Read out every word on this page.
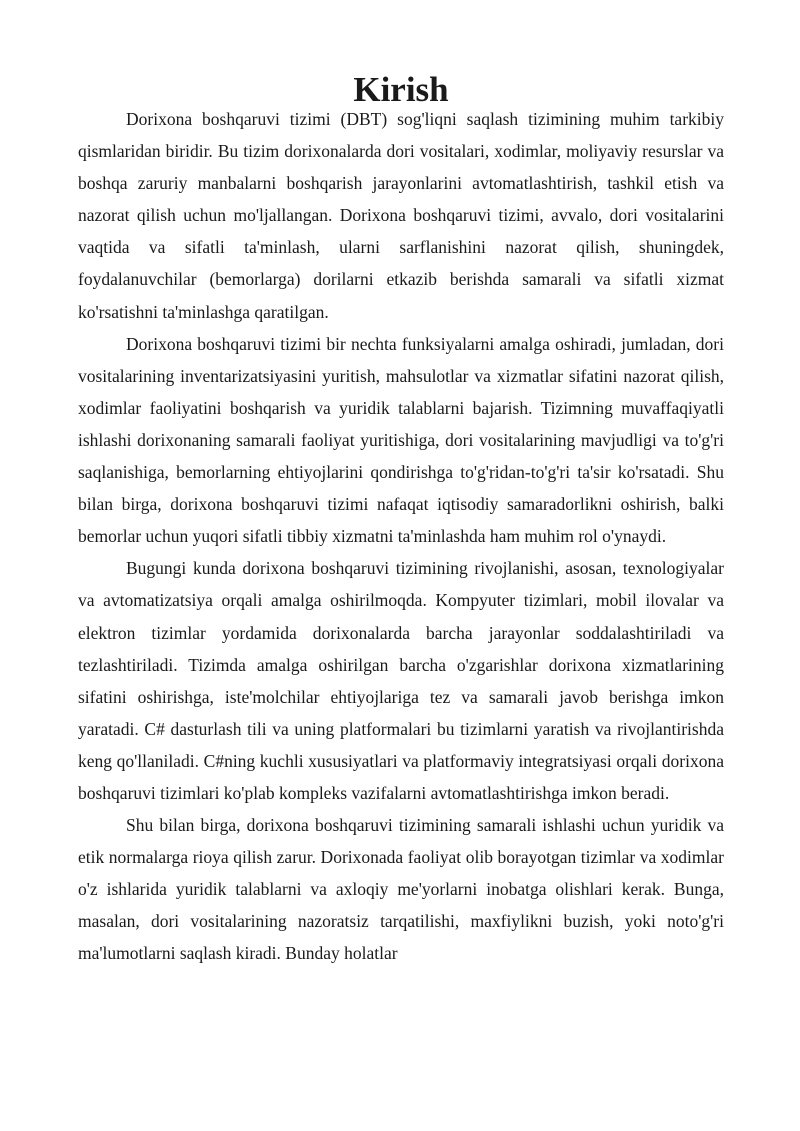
Kirish

Dorixona boshqaruvi tizimi (DBT) sog'liqni saqlash tizimining muhim tarkibiy qismlaridan biridir. Bu tizim dorixonalarda dori vositalari, xodimlar, moliyaviy resurslar va boshqa zaruriy manbalarni boshqarish jarayonlarini avtomatlashtirish, tashkil etish va nazorat qilish uchun mo'ljallangan. Dorixona boshqaruvi tizimi, avvalo, dori vositalarini vaqtida va sifatli ta'minlash, ularni sarflanishini nazorat qilish, shuningdek, foydalanuvchilar (bemorlarga) dorilarni etkazib berishda samarali va sifatli xizmat ko'rsatishni ta'minlashga qaratilgan.

Dorixona boshqaruvi tizimi bir nechta funksiyalarni amalga oshiradi, jumladan, dori vositalarining inventarizatsiyasini yuritish, mahsulotlar va xizmatlar sifatini nazorat qilish, xodimlar faoliyatini boshqarish va yuridik talablarni bajarish. Tizimning muvaffaqiyatli ishlashi dorixonaning samarali faoliyat yuritishiga, dori vositalarining mavjudligi va to'g'ri saqlanishiga, bemorlarning ehtiyojlarini qondirishga to'g'ridan-to'g'ri ta'sir ko'rsatadi. Shu bilan birga, dorixona boshqaruvi tizimi nafaqat iqtisodiy samaradorlikni oshirish, balki bemorlar uchun yuqori sifatli tibbiy xizmatni ta'minlashda ham muhim rol o'ynaydi.

Bugungi kunda dorixona boshqaruvi tizimining rivojlanishi, asosan, texnologiyalar va avtomatizatsiya orqali amalga oshirilmoqda. Kompyuter tizimlari, mobil ilovalar va elektron tizimlar yordamida dorixonalarda barcha jarayonlar soddalashtiriladi va tezlashtiriladi. Tizimda amalga oshirilgan barcha o'zgarishlar dorixona xizmatlarining sifatini oshirishga, iste'molchilar ehtiyojlariga tez va samarali javob berishga imkon yaratadi. C# dasturlash tili va uning platformalari bu tizimlarni yaratish va rivojlantirishda keng qo'llaniladi. C#ning kuchli xususiyatlari va platformaviy integratsiyasi orqali dorixona boshqaruvi tizimlari ko'plab kompleks vazifalarni avtomatlashtirishga imkon beradi.

Shu bilan birga, dorixona boshqaruvi tizimining samarali ishlashi uchun yuridik va etik normalarga rioya qilish zarur. Dorixonada faoliyat olib borayotgan tizimlar va xodimlar o'z ishlarida yuridik talablarni va axloqiy me'yorlarni inobatga olishlari kerak. Bunga, masalan, dori vositalarining nazoratsiz tarqatilishi, maxfiylikni buzish, yoki noto'g'ri ma'lumotlarni saqlash kiradi. Bunday holatlar
